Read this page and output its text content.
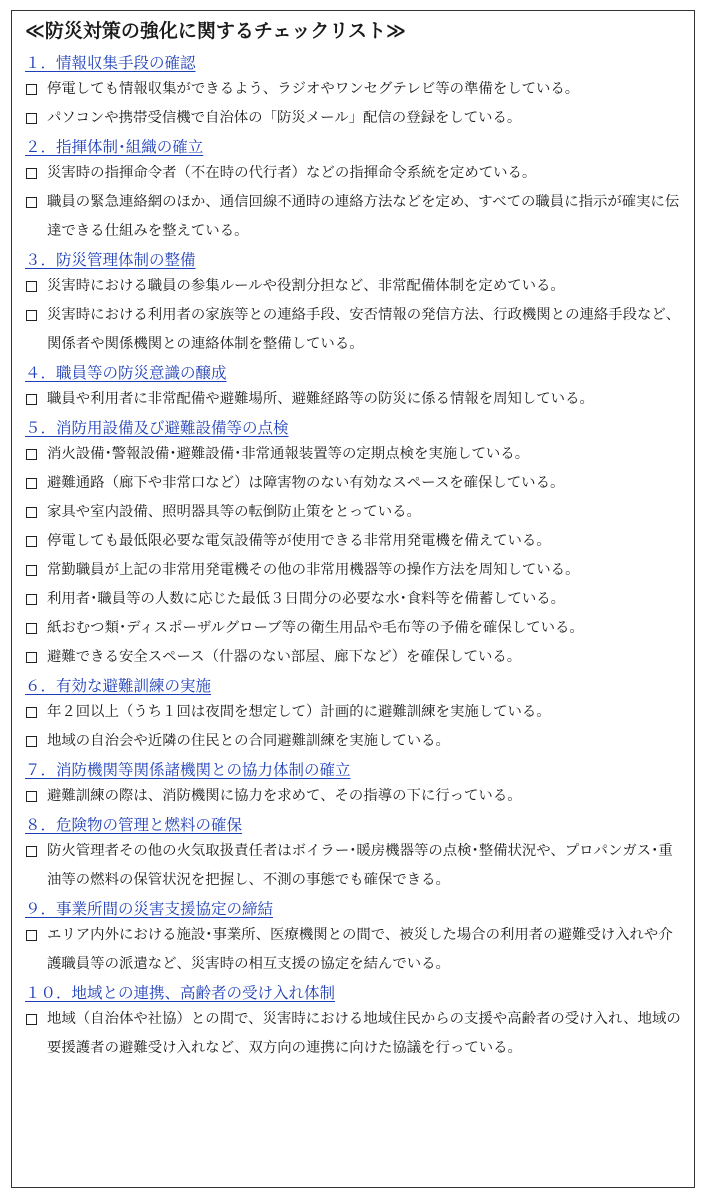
≪防災対策の強化に関するチェックリスト≫
１．情報収集手段の確認
停電しても情報収集ができるよう、ラジオやワンセグテレビ等の準備をしている。
パソコンや携帯受信機で自治体の「防災メール」配信の登録をしている。
２．指揮体制･組織の確立
災害時の指揮命令者（不在時の代行者）などの指揮命令系統を定めている。
職員の緊急連絡網のほか、通信回線不通時の連絡方法などを定め、すべての職員に指示が確実に伝達できる仕組みを整えている。
３．防災管理体制の整備
災害時における職員の参集ルールや役割分担など、非常配備体制を定めている。
災害時における利用者の家族等との連絡手段、安否情報の発信方法、行政機関との連絡手段など、関係者や関係機関との連絡体制を整備している。
４．職員等の防災意識の醸成
職員や利用者に非常配備や避難場所、避難経路等の防災に係る情報を周知している。
５．消防用設備及び避難設備等の点検
消火設備･警報設備･避難設備･非常通報装置等の定期点検を実施している。
避難通路（廊下や非常口など）は障害物のない有効なスペースを確保している。
家具や室内設備、照明器具等の転倒防止策をとっている。
停電しても最低限必要な電気設備等が使用できる非常用発電機を備えている。
常勤職員が上記の非常用発電機その他の非常用機器等の操作方法を周知している。
利用者･職員等の人数に応じた最低３日間分の必要な水･食料等を備蓄している。
紙おむつ類･ディスポーザルグローブ等の衛生用品や毛布等の予備を確保している。
避難できる安全スペース（什器のない部屋、廊下など）を確保している。
６．有効な避難訓練の実施
年２回以上（うち１回は夜間を想定して）計画的に避難訓練を実施している。
地域の自治会や近隣の住民との合同避難訓練を実施している。
７．消防機関等関係諸機関との協力体制の確立
避難訓練の際は、消防機関に協力を求めて、その指導の下に行っている。
８．危険物の管理と燃料の確保
防火管理者その他の火気取扱責任者はボイラー･暖房機器等の点検･整備状況や、プロパンガス･重油等の燃料の保管状況を把握し、不測の事態でも確保できる。
９．事業所間の災害支援協定の締結
エリア内外における施設･事業所、医療機関との間で、被災した場合の利用者の避難受け入れや介護職員等の派遣など、災害時の相互支援の協定を結んでいる。
１０．地域との連携、高齢者の受け入れ体制
地域（自治体や社協）との間で、災害時における地域住民からの支援や高齢者の受け入れ、地域の要援護者の避難受け入れなど、双方向の連携に向けた協議を行っている。
